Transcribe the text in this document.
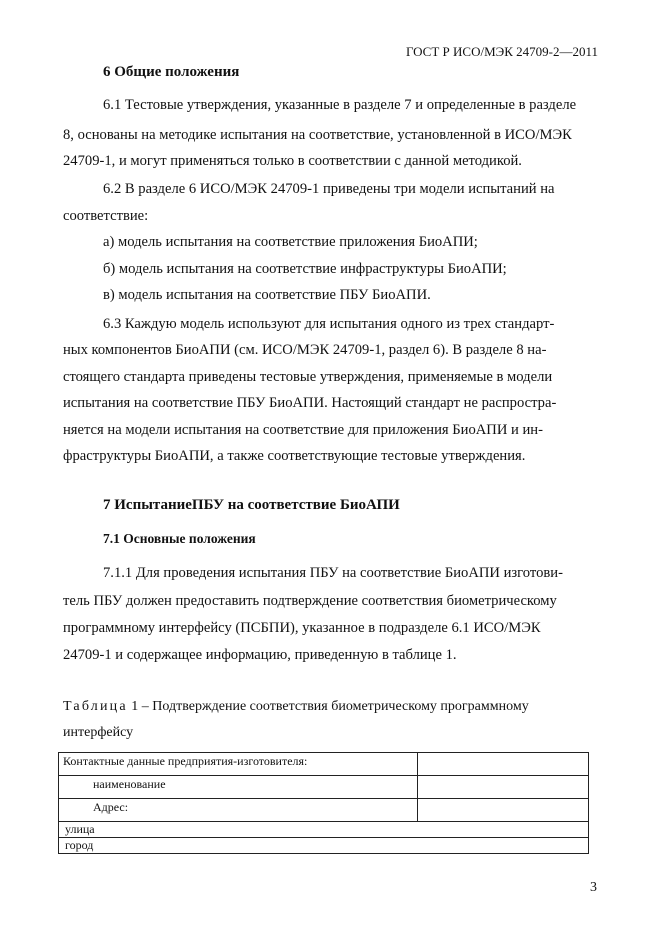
ГОСТ Р ИСО/МЭК 24709-2—2011
6 Общие положения
6.1 Тестовые утверждения, указанные в разделе 7 и определенные в разделе
8, основаны на методике испытания на соответствие, установленной в ИСО/МЭК
24709-1, и могут применяться только в соответствии с данной методикой.
6.2 В разделе 6 ИСО/МЭК 24709-1 приведены три модели испытаний на
соответствие:
а) модель испытания на соответствие приложения БиоАПИ;
б) модель испытания на соответствие инфраструктуры БиоАПИ;
в) модель испытания на соответствие ПБУ БиоАПИ.
6.3 Каждую модель используют для испытания одного из трех стандарт-
ных компонентов БиоАПИ (см. ИСО/МЭК 24709-1, раздел 6). В разделе 8 на-
стоящего стандарта приведены тестовые утверждения, применяемые в модели
испытания на соответствие ПБУ БиоАПИ. Настоящий стандарт не распростра-
няется на модели испытания на соответствие для приложения БиоАПИ и ин-
фраструктуры БиоАПИ, а также соответствующие тестовые утверждения.
7 ИспытаниеПБУ на соответствие БиоАПИ
7.1 Основные положения
7.1.1 Для проведения испытания ПБУ на соответствие БиоАПИ изготови-
тель ПБУ должен предоставить подтверждение соответствия биометрическому
программному интерфейсу (ПСБПИ), указанное в подразделе 6.1 ИСО/МЭК
24709-1 и содержащее информацию, приведенную в таблице 1.
Таблица 1 – Подтверждение соответствия биометрическому программному
интерфейсу
Контактные данные предприятия-изготовителя:	
наименование	
Адрес:	
улица	
город	
3
